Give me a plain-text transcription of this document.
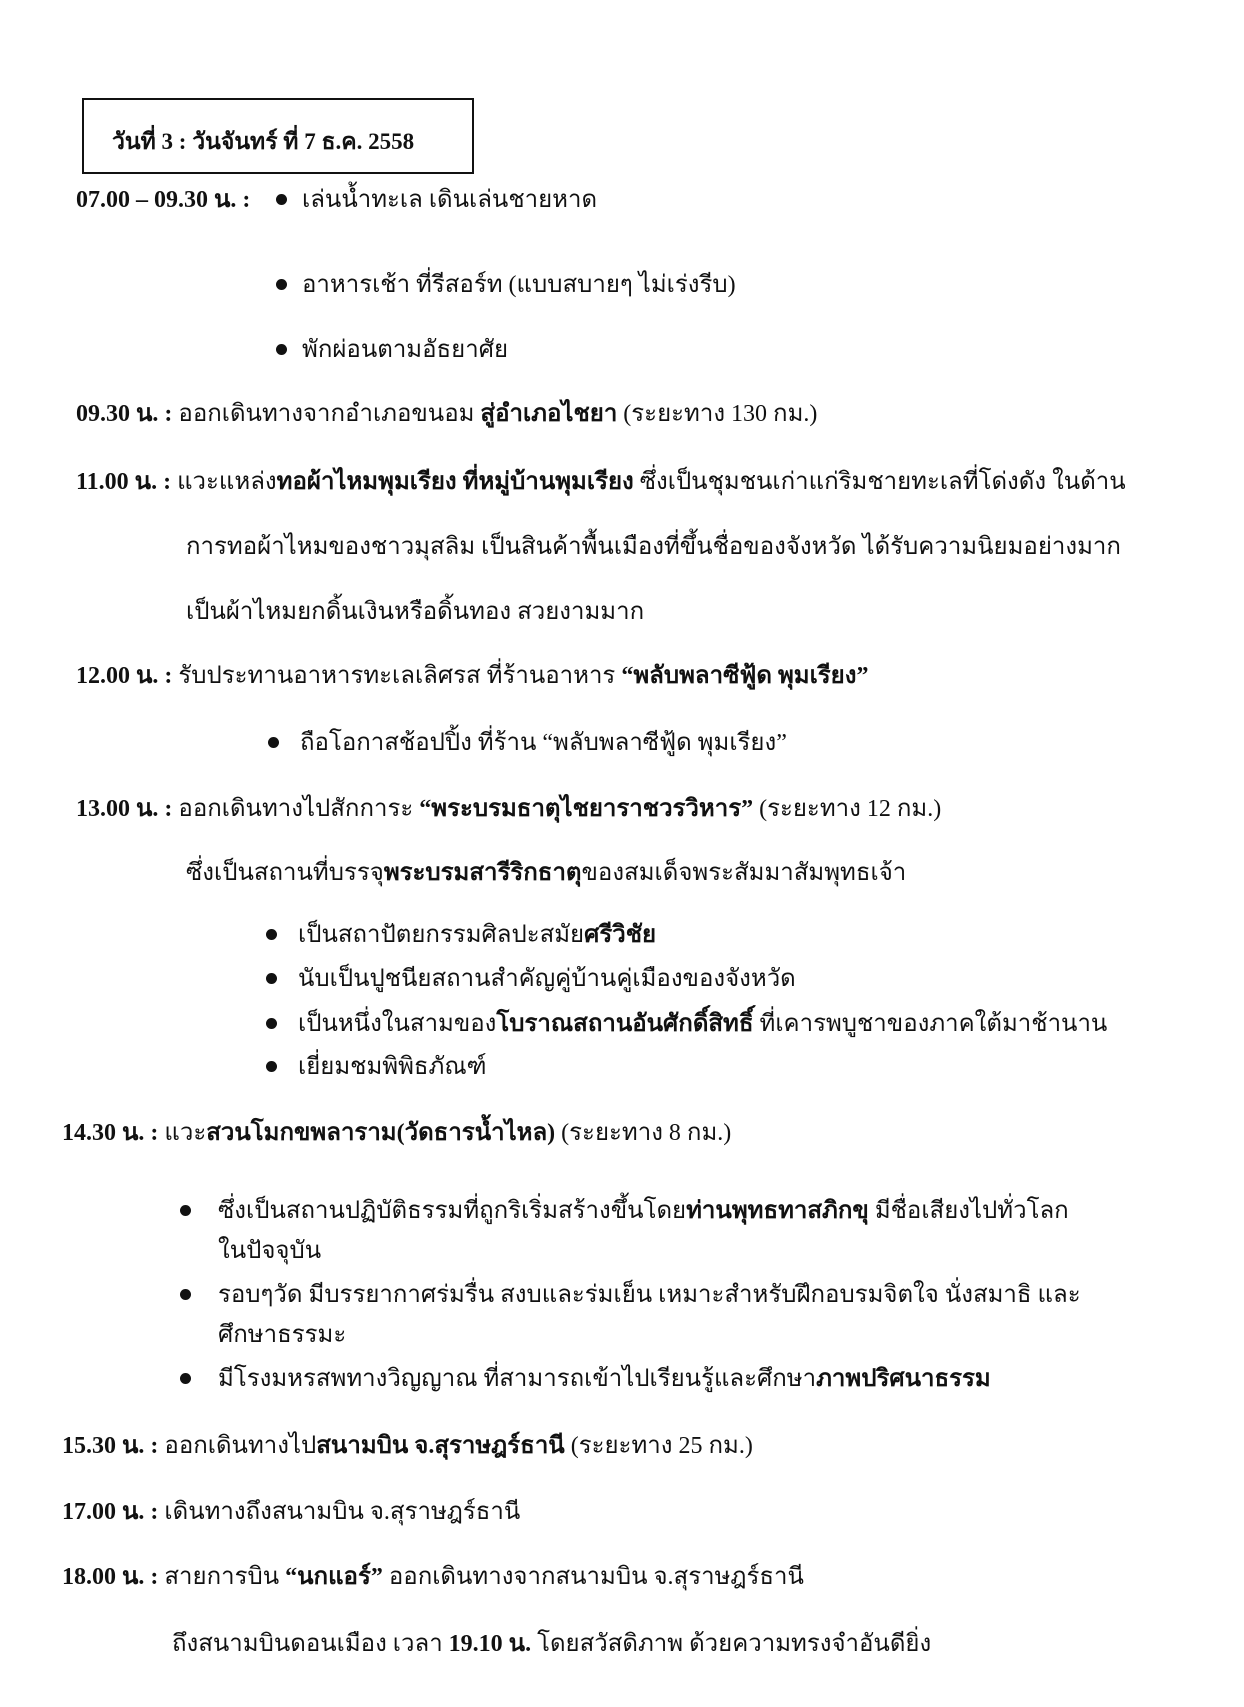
วันที่ 3 : วันจันทร์ ที่ 7 ธ.ค. 2558
07.00 – 09.30 น. : เล่นน้ำทะเล เดินเล่นชายหาด
อาหารเช้า ที่รีสอร์ท (แบบสบายๆ ไม่เร่งรีบ)
พักผ่อนตามอัธยาศัย
09.30 น. : ออกเดินทางจากอำเภอขนอม สู่อำเภอไชยา (ระยะทาง 130 กม.)
11.00 น. : แวะแหล่งทอผ้าไหมพุมเรียง ที่หมู่บ้านพุมเรียง ซึ่งเป็นชุมชนเก่าแก่ริมชายทะเลที่โด่งดัง ในด้าน
การทอผ้าไหมของชาวมุสลิม เป็นสินค้าพื้นเมืองที่ขึ้นชื่อของจังหวัด ได้รับความนิยมอย่างมาก
เป็นผ้าไหมยกดิ้นเงินหรือดิ้นทอง สวยงามมาก
12.00 น. : รับประทานอาหารทะเลเลิศรส ที่ร้านอาหาร “พลับพลาซีฟู้ด พุมเรียง”
ถือโอกาสช้อปปิ้ง ที่ร้าน “พลับพลาซีฟู้ด พุมเรียง”
13.00 น. : ออกเดินทางไปสักการะ “พระบรมธาตุไชยาราชวรวิหาร” (ระยะทาง 12 กม.)
ซึ่งเป็นสถานที่บรรจุพระบรมสารีริกธาตุของสมเด็จพระสัมมาสัมพุทธเจ้า
เป็นสถาปัตยกรรมศิลปะสมัยศรีวิชัย
นับเป็นปูชนียสถานสำคัญคู่บ้านคู่เมืองของจังหวัด
เป็นหนึ่งในสามของโบราณสถานอันศักดิ์สิทธิ์ ที่เคารพบูชาของภาคใต้มาช้านาน
เยี่ยมชมพิพิธภัณฑ์
14.30 น. : แวะสวนโมกขพลาราม(วัดธารน้ำไหล) (ระยะทาง 8 กม.)
ซึ่งเป็นสถานปฏิบัติธรรมที่ถูกริเริ่มสร้างขึ้นโดยท่านพุทธทาสภิกขุ มีชื่อเสียงไปทั่วโลก
ในปัจจุบัน
รอบๆวัด มีบรรยากาศร่มรื่น สงบและร่มเย็น เหมาะสำหรับฝึกอบรมจิตใจ นั่งสมาธิ และ
ศึกษาธรรมะ
มีโรงมหรสพทางวิญญาณ ที่สามารถเข้าไปเรียนรู้และศึกษาภาพปริศนาธรรม
15.30 น. : ออกเดินทางไปสนามบิน จ.สุราษฎร์ธานี (ระยะทาง 25 กม.)
17.00 น. : เดินทางถึงสนามบิน จ.สุราษฎร์ธานี
18.00 น. : สายการบิน “นกแอร์” ออกเดินทางจากสนามบิน จ.สุราษฎร์ธานี
ถึงสนามบินดอนเมือง เวลา 19.10 น. โดยสวัสดิภาพ ด้วยความทรงจำอันดียิ่ง
